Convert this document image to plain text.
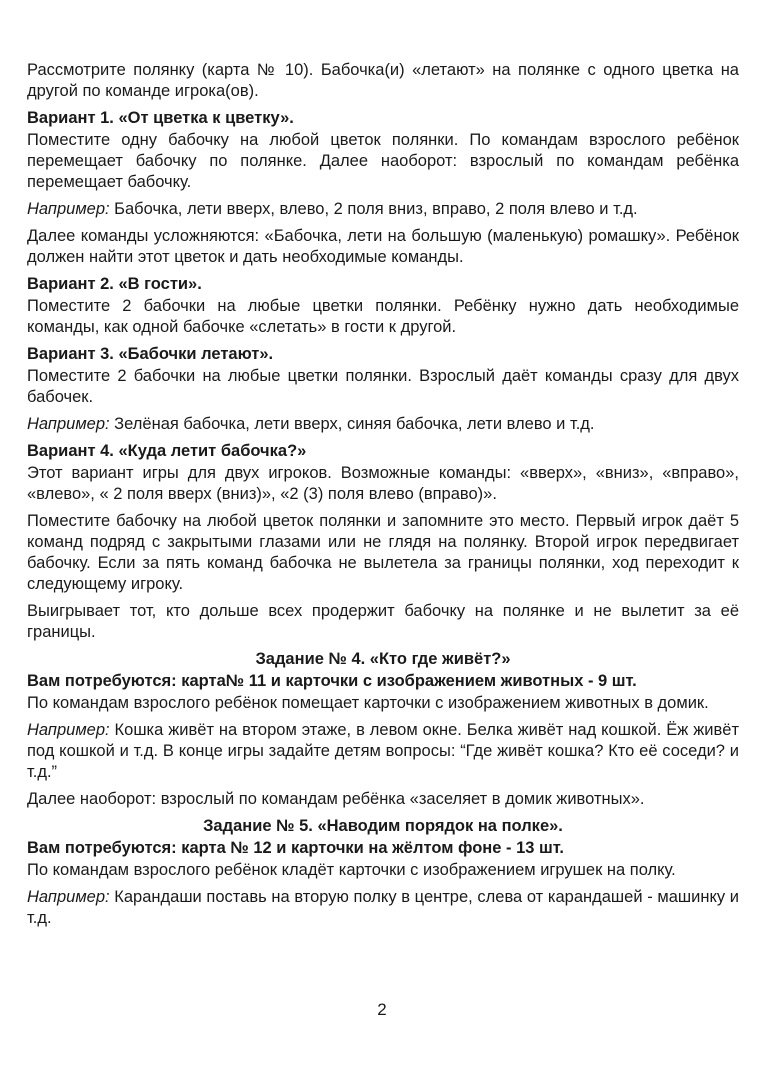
Рассмотрите полянку (карта № 10). Бабочка(и) «летают» на полянке с одного цветка на другой по команде игрока(ов).

Вариант 1. «От цветка к цветку».

Поместите одну бабочку на любой цветок полянки. По командам взрослого ребёнок перемещает бабочку по полянке. Далее наоборот: взрослый по командам ребёнка перемещает бабочку.

Например: Бабочка, лети вверх, влево, 2 поля вниз, вправо, 2 поля влево и т.д.

Далее команды усложняются: «Бабочка, лети на большую (маленькую) ромашку». Ребёнок должен найти этот цветок и дать необходимые команды.

Вариант 2. «В гости».

Поместите 2 бабочки на любые цветки полянки. Ребёнку нужно дать необходимые команды, как одной бабочке «слетать» в гости к другой.

Вариант 3. «Бабочки летают».

Поместите 2 бабочки на любые цветки полянки. Взрослый даёт команды сразу для двух бабочек.

Например: Зелёная бабочка, лети вверх, синяя бабочка, лети влево и т.д.

Вариант 4. «Куда летит бабочка?»

Этот вариант игры для двух игроков. Возможные команды: «вверх», «вниз», «вправо», «влево», « 2 поля вверх (вниз)», «2 (3) поля влево (вправо)».

Поместите бабочку на любой цветок полянки и запомните это место. Первый игрок даёт 5 команд подряд с закрытыми глазами или не глядя на полянку. Второй игрок передвигает бабочку. Если за пять команд бабочка не вылетела за границы полянки, ход переходит к следующему игроку.

Выигрывает тот, кто дольше всех продержит бабочку на полянке и не вылетит за её границы.

Задание № 4. «Кто где живёт?»

Вам потребуются: карта№ 11 и карточки с изображением животных - 9 шт.

По командам взрослого ребёнок помещает карточки с изображением животных в домик.

Например: Кошка живёт на втором этаже, в левом окне. Белка живёт над кошкой. Ёж живёт под кошкой и т.д. В конце игры задайте детям вопросы: “Где живёт кошка? Кто её соседи? и т.д.”

Далее наоборот: взрослый по командам ребёнка «заселяет в домик животных».

Задание № 5. «Наводим порядок на полке».

Вам потребуются: карта № 12 и карточки на жёлтом фоне - 13 шт.

По командам взрослого ребёнок кладёт карточки с изображением игрушек на полку.

Например: Карандаши поставь на вторую полку в центре, слева от карандашей - машинку и т.д.

2
